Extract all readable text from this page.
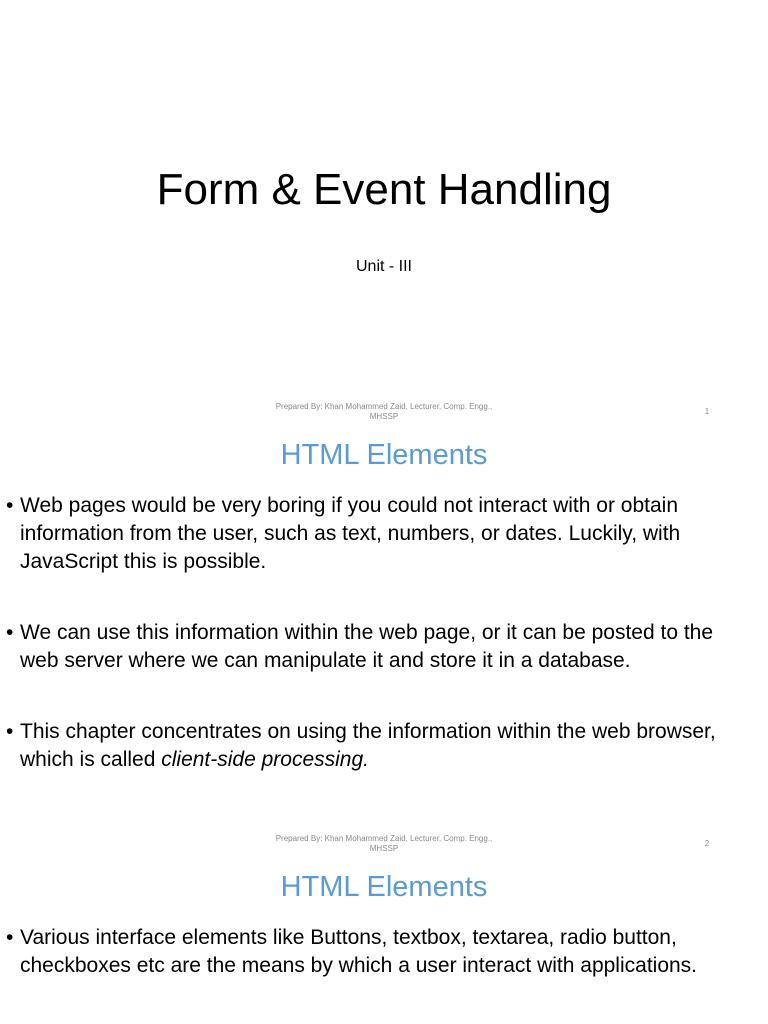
Form & Event Handling

Unit - III

Prepared By: Khan Mohammed Zaid, Lecturer, Comp. Engg.,
MHSSP
1
HTML Elements
• Web pages would be very boring if you could not interact with or obtain information from the user, such as text, numbers, or dates. Luckily, with JavaScript this is possible.
• We can use this information within the web page, or it can be posted to the web server where we can manipulate it and store it in a database.
• This chapter concentrates on using the information within the web browser, which is called client-side processing.
Prepared By: Khan Mohammed Zaid, Lecturer, Comp. Engg.,
MHSSP
2
HTML Elements
• Various interface elements like Buttons, textbox, textarea, radio button, checkboxes etc are the means by which a user interact with applications.
